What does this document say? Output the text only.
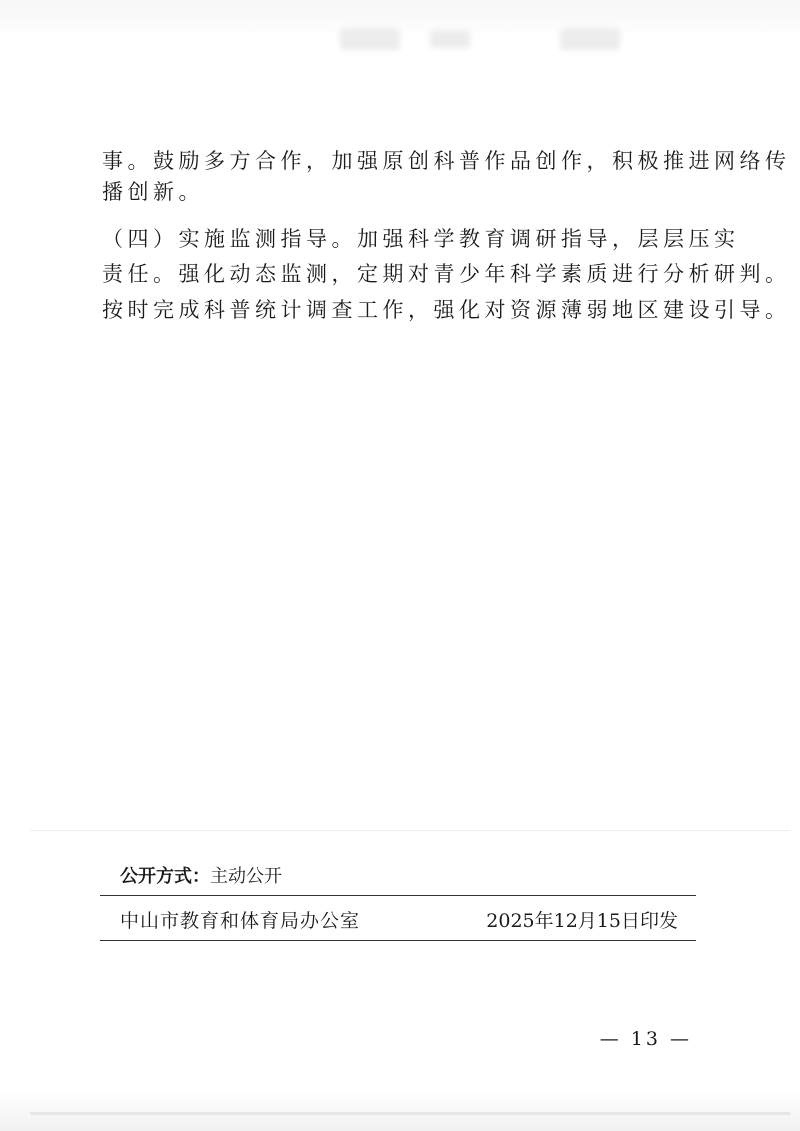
事。鼓励多方合作，加强原创科普作品创作，积极推进网络传

播创新。

（四）实施监测指导。加强科学教育调研指导，层层压实

责任。强化动态监测，定期对青少年科学素质进行分析研判。

按时完成科普统计调查工作，强化对资源薄弱地区建设引导。

公开方式：主动公开
中山市教育和体育局办公室	2025年12月15日印发
— 13 —
